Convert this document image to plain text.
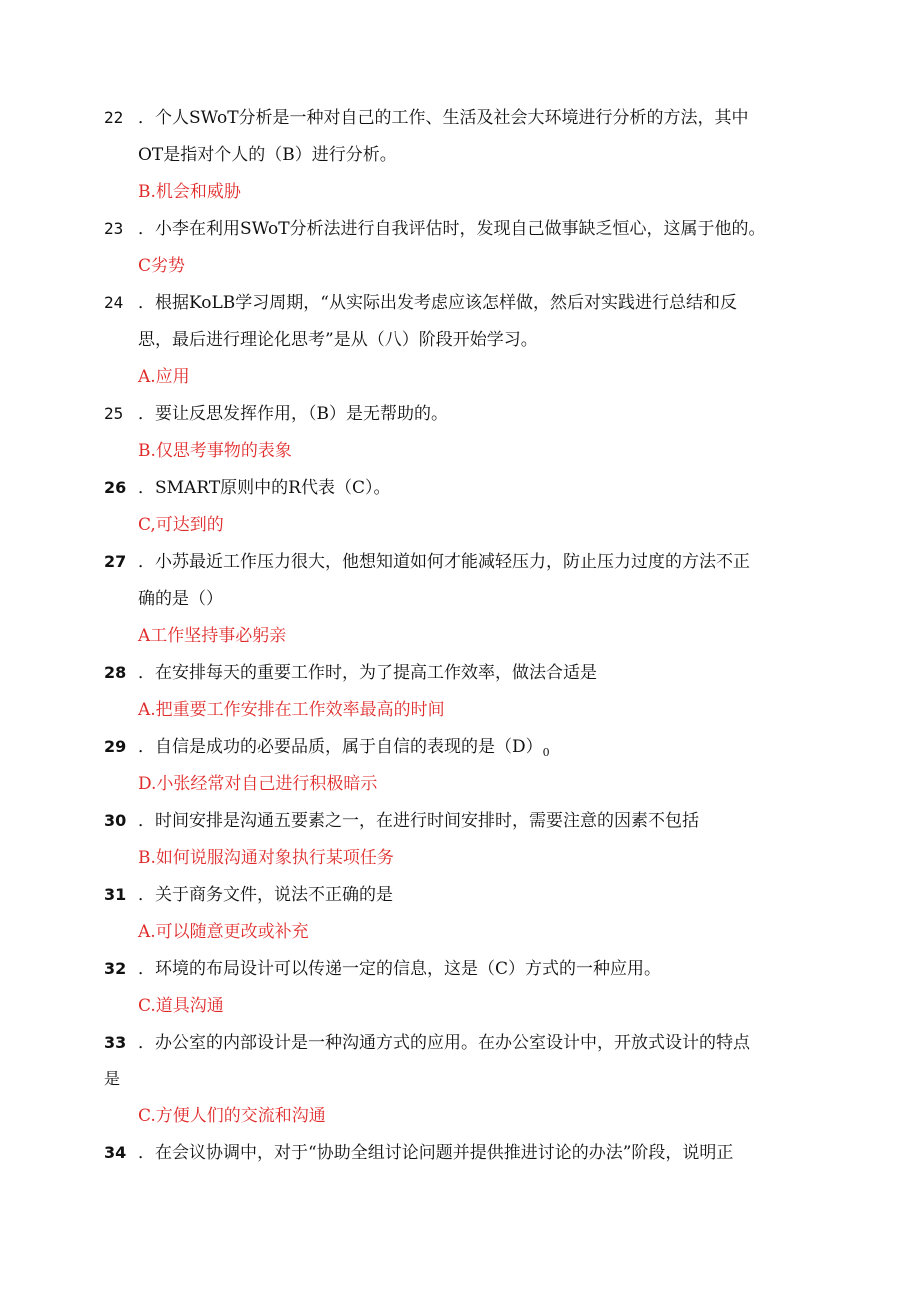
22 ．个人SWoT分析是一种对自己的工作、生活及社会大环境进行分析的方法，其中
OT是指对个人的（B）进行分析。
B.机会和威胁
23 ．小李在利用SWoT分析法进行自我评估时，发现自己做事缺乏恒心，这属于他的。
C劣势
24 ．根据KoLB学习周期，“从实际出发考虑应该怎样做，然后对实践进行总结和反
思，最后进行理论化思考”是从（八）阶段开始学习。
A.应用
25 ．要让反思发挥作用，（B）是无帮助的。
B.仅思考事物的表象
26 ．SMART原则中的R代表（C）。
C,可达到的
27 ．小苏最近工作压力很大，他想知道如何才能减轻压力，防止压力过度的方法不正
确的是（）
A工作坚持事必躬亲
28 ．在安排每天的重要工作时，为了提高工作效率，做法合适是
A.把重要工作安排在工作效率最高的时间
29 ．自信是成功的必要品质，属于自信的表现的是$(D)_0$
D.小张经常对自己进行积极暗示
30 ．时间安排是沟通五要素之一，在进行时间安排时，需要注意的因素不包括
B.如何说服沟通对象执行某项任务
31 ．关于商务文件，说法不正确的是
A.可以随意更改或补充
32 ．环境的布局设计可以传递一定的信息，这是（C）方式的一种应用。
C.道具沟通
33 ．办公室的内部设计是一种沟通方式的应用。在办公室设计中，开放式设计的特点
是
C.方便人们的交流和沟通
34 ．在会议协调中，对于“协助全组讨论问题并提供推进讨论的办法”阶段，说明正
